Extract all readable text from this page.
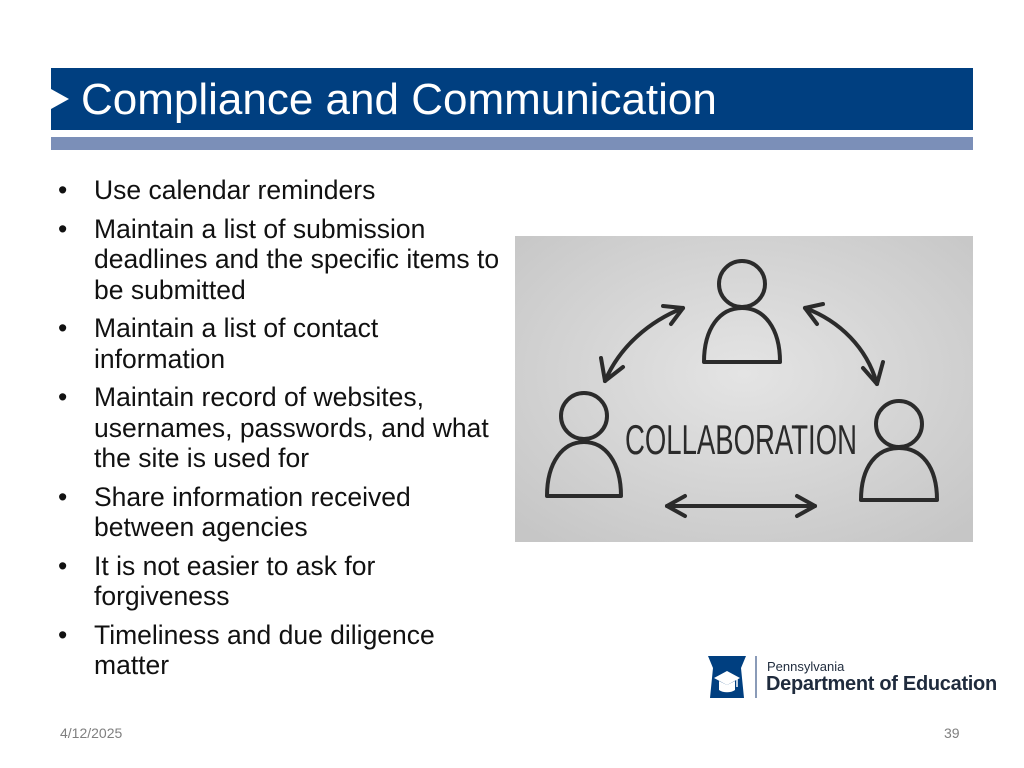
Compliance and Communication
• Use calendar reminders
• Maintain a list of submission deadlines and the specific items to be submitted
• Maintain a list of contact information
• Maintain record of websites, usernames, passwords, and what the site is used for
• Share information received between agencies
• It is not easier to ask for forgiveness
• Timeliness and due diligence matter
COLLABORATION
Pennsylvania
Department of Education
4/12/2025	39
